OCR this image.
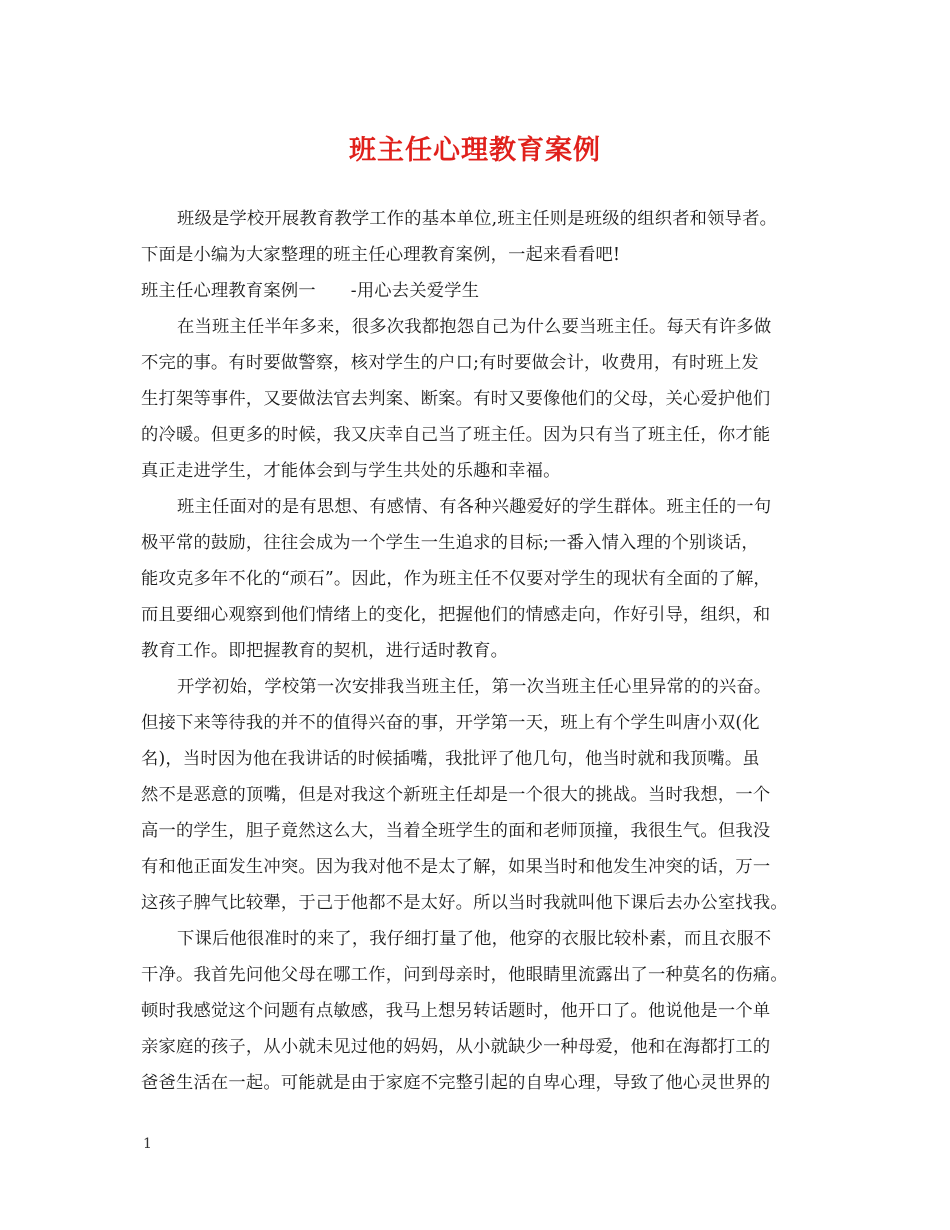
班主任心理教育案例
班级是学校开展教育教学工作的基本单位,班主任则是班级的组织者和领导者。
下面是小编为大家整理的班主任心理教育案例，一起来看看吧!
班主任心理教育案例一　　-用心去关爱学生
在当班主任半年多来，很多次我都抱怨自己为什么要当班主任。每天有许多做
不完的事。有时要做警察，核对学生的户口;有时要做会计，收费用，有时班上发
生打架等事件，又要做法官去判案、断案。有时又要像他们的父母，关心爱护他们
的冷暖。但更多的时候，我又庆幸自己当了班主任。因为只有当了班主任，你才能
真正走进学生，才能体会到与学生共处的乐趣和幸福。
班主任面对的是有思想、有感情、有各种兴趣爱好的学生群体。班主任的一句
极平常的鼓励，往往会成为一个学生一生追求的目标;一番入情入理的个别谈话，
能攻克多年不化的“顽石”。因此，作为班主任不仅要对学生的现状有全面的了解，
而且要细心观察到他们情绪上的变化，把握他们的情感走向，作好引导，组织，和
教育工作。即把握教育的契机，进行适时教育。
开学初始，学校第一次安排我当班主任，第一次当班主任心里异常的的兴奋。
但接下来等待我的并不的值得兴奋的事，开学第一天，班上有个学生叫唐小双(化
名)，当时因为他在我讲话的时候插嘴，我批评了他几句，他当时就和我顶嘴。虽
然不是恶意的顶嘴，但是对我这个新班主任却是一个很大的挑战。当时我想，一个
高一的学生，胆子竟然这么大，当着全班学生的面和老师顶撞，我很生气。但我没
有和他正面发生冲突。因为我对他不是太了解，如果当时和他发生冲突的话，万一
这孩子脾气比较犟，于己于他都不是太好。所以当时我就叫他下课后去办公室找我。
下课后他很准时的来了，我仔细打量了他，他穿的衣服比较朴素，而且衣服不
干净。我首先问他父母在哪工作，问到母亲时，他眼睛里流露出了一种莫名的伤痛。
顿时我感觉这个问题有点敏感，我马上想另转话题时，他开口了。他说他是一个单
亲家庭的孩子，从小就未见过他的妈妈，从小就缺少一种母爱，他和在海都打工的
爸爸生活在一起。可能就是由于家庭不完整引起的自卑心理，导致了他心灵世界的
1
